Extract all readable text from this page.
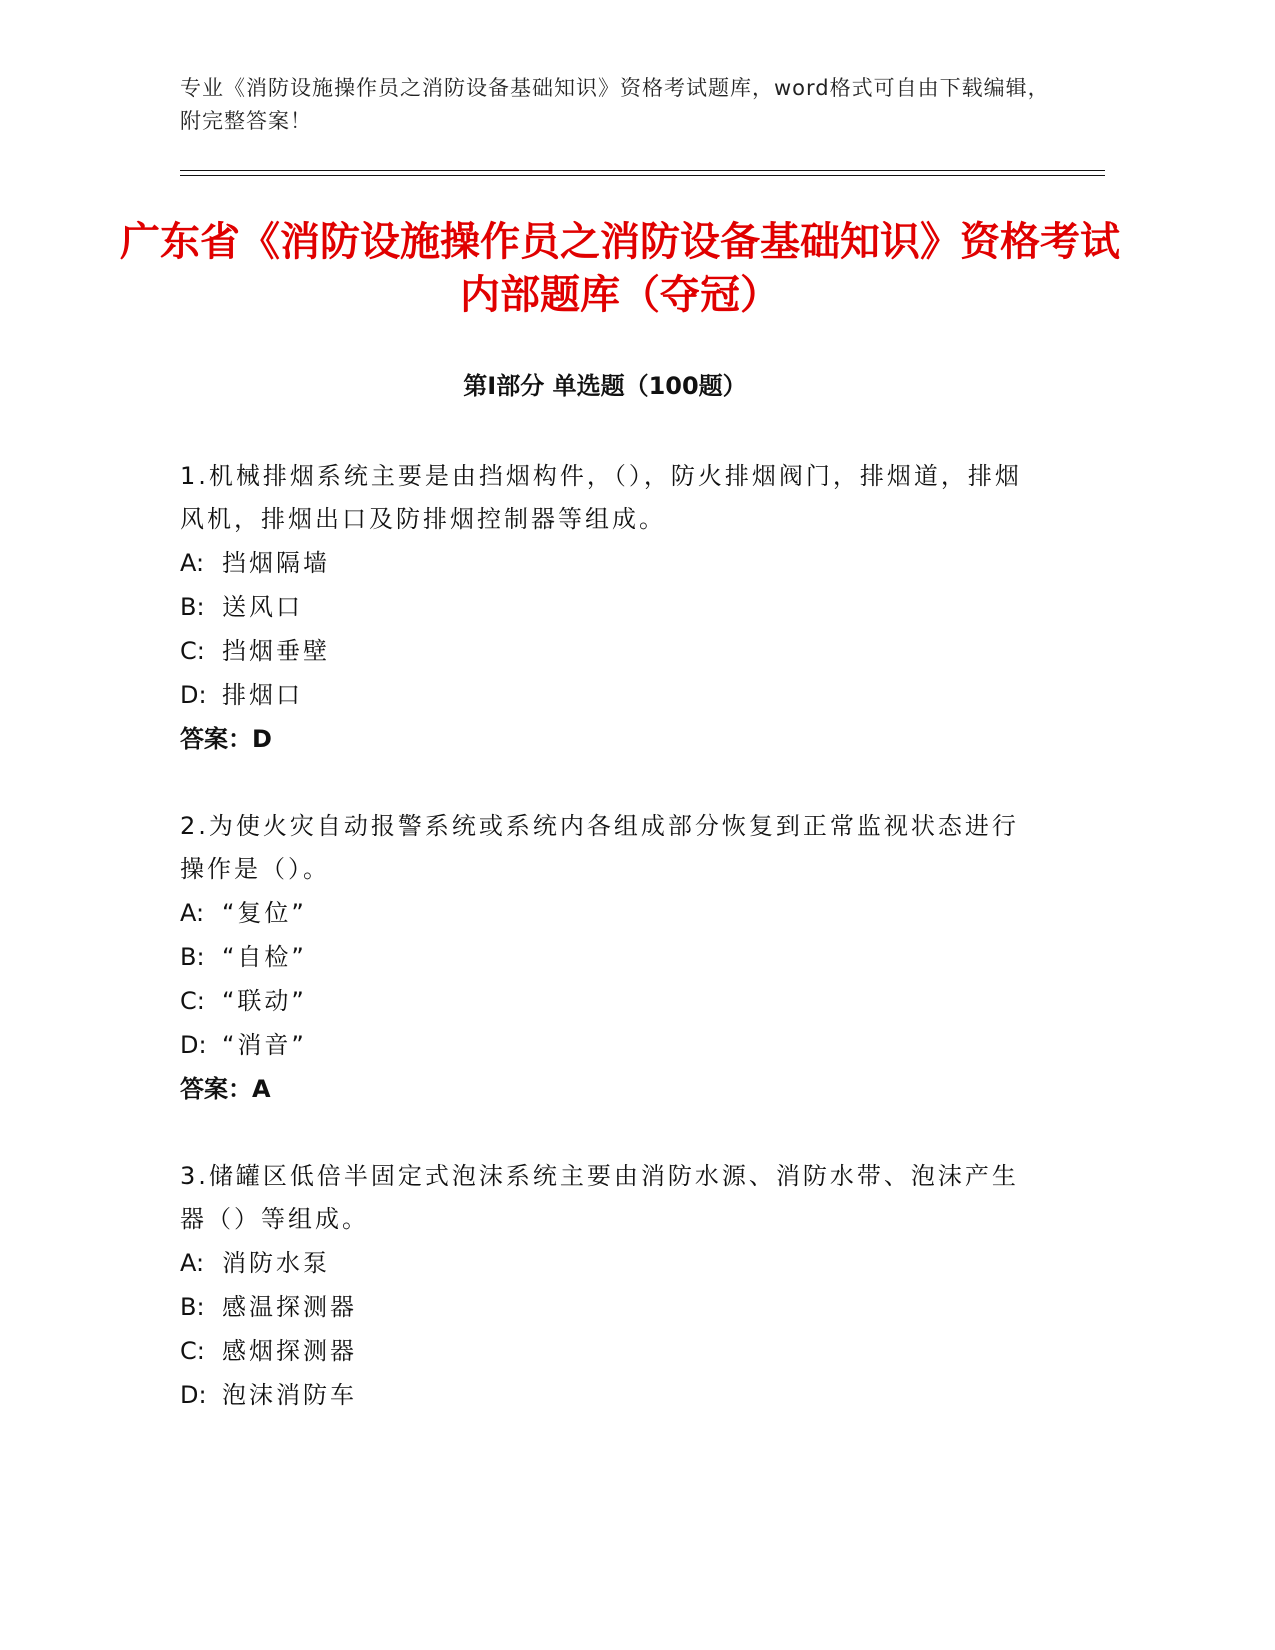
专业《消防设施操作员之消防设备基础知识》资格考试题库，word格式可自由下载编辑，附完整答案！
广东省《消防设施操作员之消防设备基础知识》资格考试内部题库（夺冠）
第Ⅰ部分 单选题（100题）

1.机械排烟系统主要是由挡烟构件，（），防火排烟阀门，排烟道，排烟风机，排烟出口及防排烟控制器等组成。

A: 挡烟隔墙

B: 送风口

C: 挡烟垂壁

D: 排烟口

答案：D

2.为使火灾自动报警系统或系统内各组成部分恢复到正常监视状态进行操作是（）。

A: “复位”

B: “自检”

C: “联动”

D: “消音”

答案：A

3.储罐区低倍半固定式泡沫系统主要由消防水源、消防水带、泡沫产生器（）等组成。

A: 消防水泵

B: 感温探测器

C: 感烟探测器

D: 泡沫消防车
